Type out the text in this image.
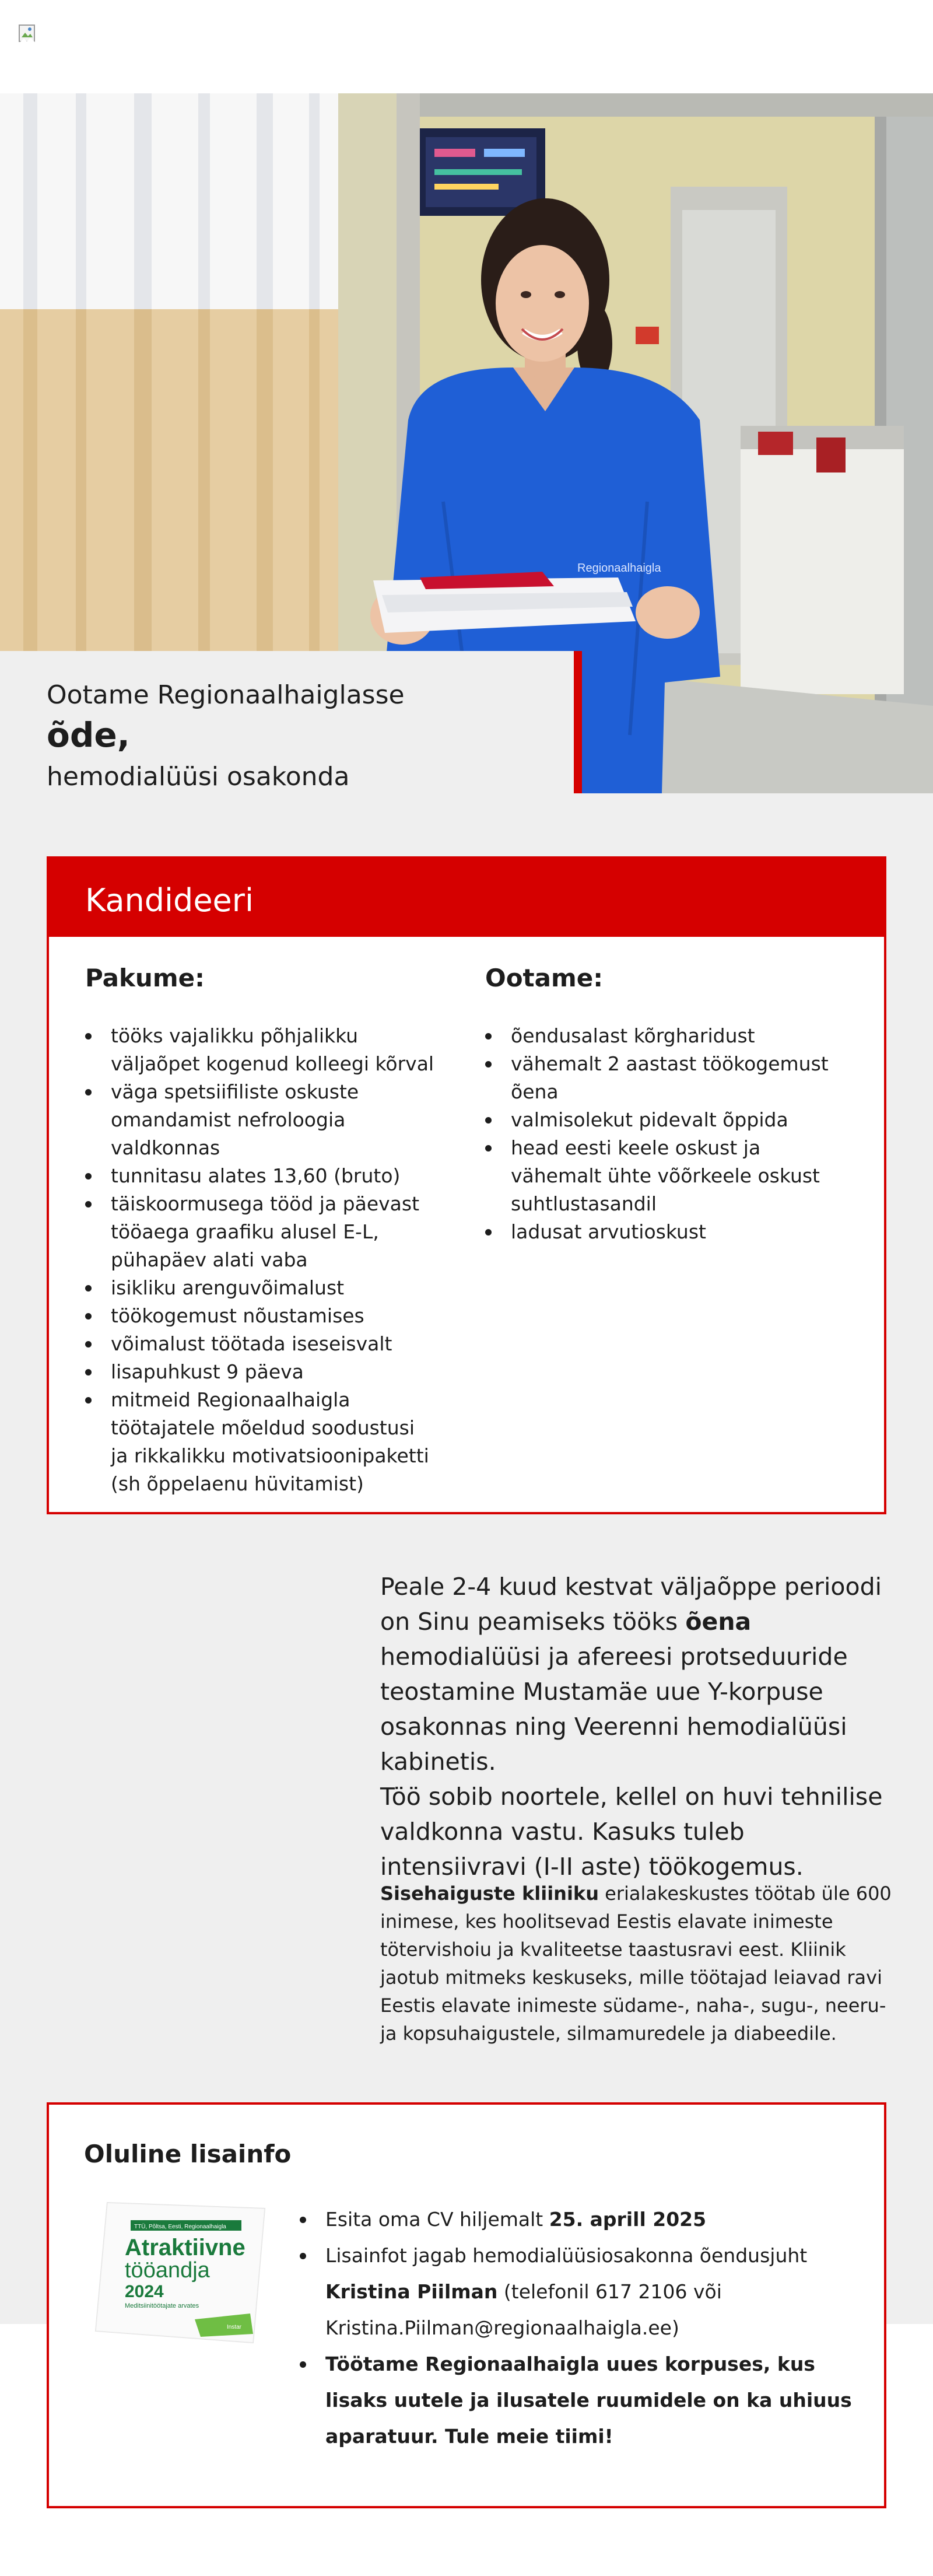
Regionaalhaigla
Ootame Regionaalhaiglasse
õde,
hemodialüüsi osakonda
Kandideeri
Pakume:
tööks vajalikku põhjalikku väljaõpet kogenud kolleegi kõrval
väga spetsiifiliste oskuste omandamist nefroloogia valdkonnas
tunnitasu alates 13,60 (bruto)
täiskoormusega tööd ja päevast tööaega graafiku alusel E-L, pühapäev alati vaba
isikliku arenguvõimalust
töökogemust nõustamises
võimalust töötada iseseisvalt
lisapuhkust 9 päeva
mitmeid Regionaalhaigla töötajatele mõeldud soodustusi ja rikkalikku motivatsioonipaketti (sh õppelaenu hüvitamist)
Ootame:
õendusalast kõrgharidust
vähemalt 2 aastast töökogemust õena
valmisolekut pidevalt õppida
head eesti keele oskust ja vähemalt ühte võõrkeele oskust suhtlustasandil
ladusat arvutioskust
Peale 2-4 kuud kestvat väljaõppe perioodi on Sinu peamiseks tööks õena hemodialüüsi ja afereesi protseduuride teostamine Mustamäe uue Y-korpuse osakonnas ning Veerenni hemodialüüsi kabinetis.
Töö sobib noortele, kellel on huvi tehnilise valdkonna vastu. Kasuks tuleb intensiivravi (I-II aste) töökogemus.
Sisehaiguste kliiniku erialakeskustes töötab üle 600 inimese, kes hoolitsevad Eestis elavate inimeste tötervishoiu ja kvaliteetse taastusravi eest. Kliinik jaotub mitmeks keskuseks, mille töötajad leiavad ravi Eestis elavate inimeste südame-, naha-, sugu-, neeru- ja kopsuhaigustele, silmamuredele ja diabeedile.
Oluline lisainfo
TTÜ, Põltsa, Eesti, Regionaalhaigla
Atraktiivne
tööandja
2024
Meditsiinitöötajate arvates
Instar
Esita oma CV hiljemalt 25. aprill 2025
Lisainfot jagab hemodialüüsiosakonna õendusjuht Kristina Piilman (telefonil 617 2106 või Kristina.Piilman@regionaalhaigla.ee)
Töötame Regionaalhaigla uues korpuses, kus lisaks uutele ja ilusatele ruumidele on ka uhiuus aparatuur. Tule meie tiimi!
